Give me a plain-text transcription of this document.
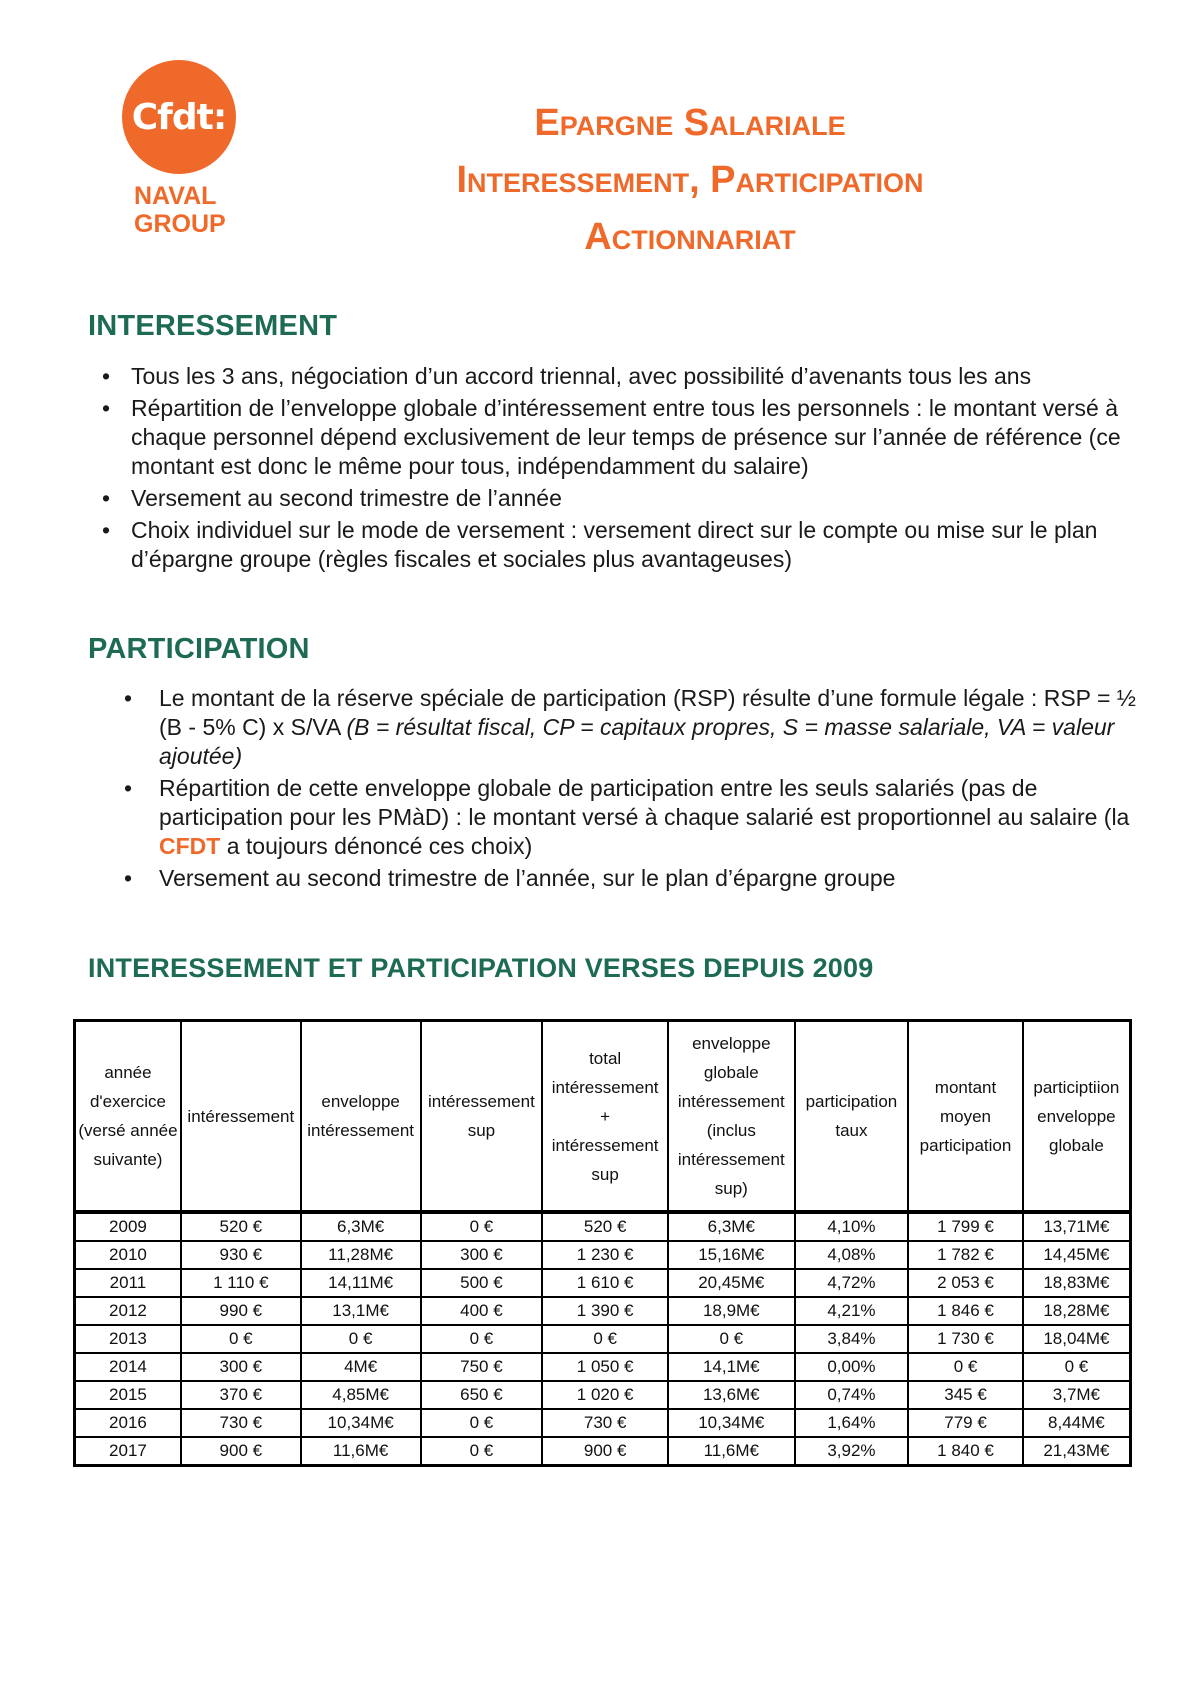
Cfdt:
NAVAL
GROUP
Epargne Salariale
Interessement, Participation
Actionnariat
INTERESSEMENT
• Tous les 3 ans, négociation d’un accord triennal, avec possibilité d’avenants tous les ans
• Répartition de l’enveloppe globale d’intéressement entre tous les personnels : le montant versé à chaque personnel dépend exclusivement de leur temps de présence sur l’année de référence (ce montant est donc le même pour tous, indépendamment du salaire)
• Versement au second trimestre de l’année
• Choix individuel sur le mode de versement : versement direct sur le compte ou mise sur le plan d’épargne groupe (règles fiscales et sociales plus avantageuses)
PARTICIPATION
• Le montant de la réserve spéciale de participation (RSP) résulte d’une formule légale : RSP = ½ (B - 5% C) x S/VA (B = résultat fiscal, CP = capitaux propres, S = masse salariale, VA = valeur ajoutée)
• Répartition de cette enveloppe globale de participation entre les seuls salariés (pas de participation pour les PMàD) : le montant versé à chaque salarié est proportionnel au salaire (la CFDT a toujours dénoncé ces choix)
• Versement au second trimestre de l’année, sur le plan d’épargne groupe
INTERESSEMENT ET PARTICIPATION VERSES DEPUIS 2009
année d'exercice (versé année suivante)	intéressement	enveloppe intéressement	intéressement sup	total intéressement + intéressement sup	enveloppe globale intéressement (inclus intéressement sup)	participation taux	montant moyen participation	participtiion enveloppe globale
2009	520 €	6,3M€	0 €	520 €	6,3M€	4,10%	1 799 €	13,71M€
2010	930 €	11,28M€	300 €	1 230 €	15,16M€	4,08%	1 782 €	14,45M€
2011	1 110 €	14,11M€	500 €	1 610 €	20,45M€	4,72%	2 053 €	18,83M€
2012	990 €	13,1M€	400 €	1 390 €	18,9M€	4,21%	1 846 €	18,28M€
2013	0 €	0 €	0 €	0 €	0 €	3,84%	1 730 €	18,04M€
2014	300 €	4M€	750 €	1 050 €	14,1M€	0,00%	0 €	0 €
2015	370 €	4,85M€	650 €	1 020 €	13,6M€	0,74%	345 €	3,7M€
2016	730 €	10,34M€	0 €	730 €	10,34M€	1,64%	779 €	8,44M€
2017	900 €	11,6M€	0 €	900 €	11,6M€	3,92%	1 840 €	21,43M€
